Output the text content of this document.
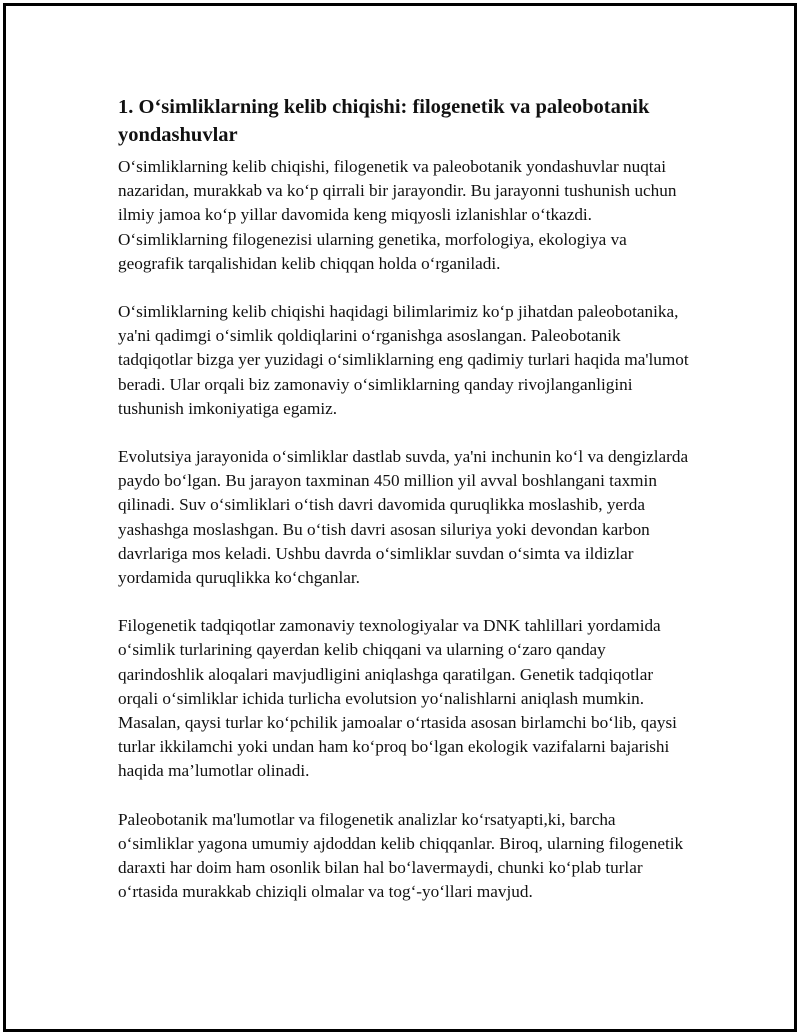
1. O‘simliklarning kelib chiqishi: filogenetik va paleobotanik yondashuvlar

O‘simliklarning kelib chiqishi, filogenetik va paleobotanik yondashuvlar nuqtai nazaridan, murakkab va ko‘p qirrali bir jarayondir. Bu jarayonni tushunish uchun ilmiy jamoa ko‘p yillar davomida keng miqyosli izlanishlar o‘tkazdi. O‘simliklarning filogenezisi ularning genetika, morfologiya, ekologiya va geografik tarqalishidan kelib chiqqan holda o‘rganiladi.

O‘simliklarning kelib chiqishi haqidagi bilimlarimiz ko‘p jihatdan paleobotanika, ya'ni qadimgi o‘simlik qoldiqlarini o‘rganishga asoslangan. Paleobotanik tadqiqotlar bizga yer yuzidagi o‘simliklarning eng qadimiy turlari haqida ma'lumot beradi. Ular orqali biz zamonaviy o‘simliklarning qanday rivojlanganligini tushunish imkoniyatiga egamiz.

Evolutsiya jarayonida o‘simliklar dastlab suvda, ya'ni inchunin ko‘l va dengizlarda paydo bo‘lgan. Bu jarayon taxminan 450 million yil avval boshlangani taxmin qilinadi. Suv o‘simliklari o‘tish davri davomida quruqlikka moslashib, yerda yashashga moslashgan. Bu o‘tish davri asosan siluriya yoki devondan karbon davrlariga mos keladi. Ushbu davrda o‘simliklar suvdan o‘simta va ildizlar yordamida quruqlikka ko‘chganlar.

Filogenetik tadqiqotlar zamonaviy texnologiyalar va DNK tahlillari yordamida o‘simlik turlarining qayerdan kelib chiqqani va ularning o‘zaro qanday qarindoshlik aloqalari mavjudligini aniqlashga qaratilgan. Genetik tadqiqotlar orqali o‘simliklar ichida turlicha evolutsion yo‘nalishlarni aniqlash mumkin. Masalan, qaysi turlar ko‘pchilik jamoalar o‘rtasida asosan birlamchi bo‘lib, qaysi turlar ikkilamchi yoki undan ham ko‘proq bo‘lgan ekologik vazifalarni bajarishi haqida ma’lumotlar olinadi.

Paleobotanik ma'lumotlar va filogenetik analizlar ko‘rsatyapti,ki, barcha o‘simliklar yagona umumiy ajdoddan kelib chiqqanlar. Biroq, ularning filogenetik daraxti har doim ham osonlik bilan hal bo‘lavermaydi, chunki ko‘plab turlar o‘rtasida murakkab chiziqli olmalar va tog‘-yo‘llari mavjud.
